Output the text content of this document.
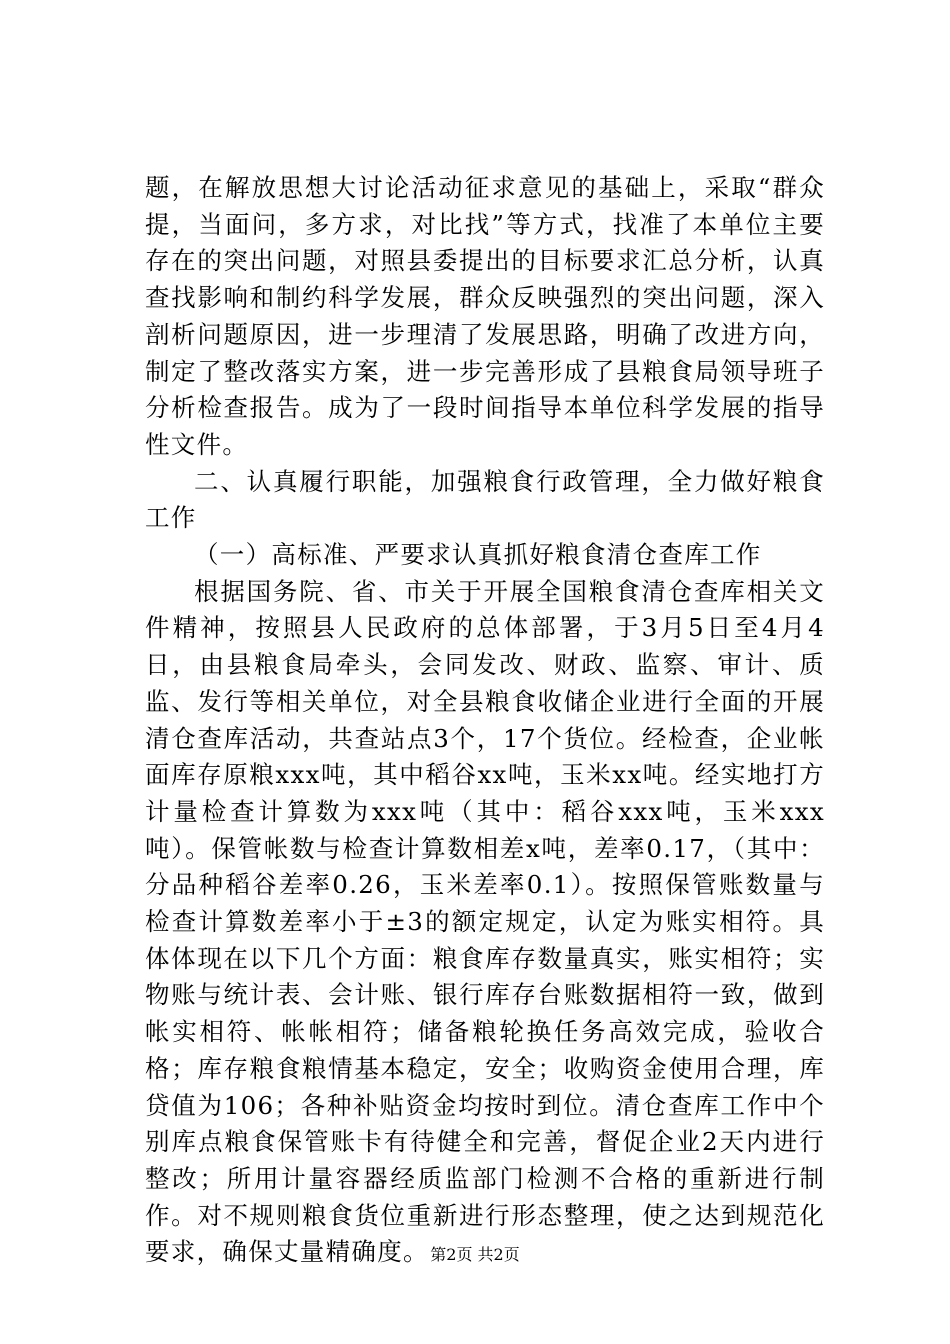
题，在解放思想大讨论活动征求意见的基础上，采取“群众提，当面问，多方求，对比找”等方式，找准了本单位主要存在的突出问题，对照县委提出的目标要求汇总分析，认真查找影响和制约科学发展，群众反映强烈的突出问题，深入剖析问题原因，进一步理清了发展思路，明确了改进方向，制定了整改落实方案，进一步完善形成了县粮食局领导班子分析检查报告。成为了一段时间指导本单位科学发展的指导性文件。

二、认真履行职能，加强粮食行政管理，全力做好粮食工作

（一）高标准、严要求认真抓好粮食清仓查库工作

根据国务院、省、市关于开展全国粮食清仓查库相关文件精神，按照县人民政府的总体部署，于3月5日至4月4日，由县粮食局牵头，会同发改、财政、监察、审计、质监、发行等相关单位，对全县粮食收储企业进行全面的开展清仓查库活动，共查站点3个，17个货位。经检查，企业帐面库存原粮xxx吨，其中稻谷xx吨，玉米xx吨。经实地打方计量检查计算数为xxx吨（其中：稻谷xxx吨，玉米xxx吨）。保管帐数与检查计算数相差x吨，差率0.17，（其中：分品种稻谷差率0.26，玉米差率0.1）。按照保管账数量与检查计算数差率小于±3的额定规定，认定为账实相符。具体体现在以下几个方面：粮食库存数量真实，账实相符；实物账与统计表、会计账、银行库存台账数据相符一致，做到帐实相符、帐帐相符；储备粮轮换任务高效完成，验收合格；库存粮食粮情基本稳定，安全；收购资金使用合理，库贷值为106；各种补贴资金均按时到位。清仓查库工作中个别库点粮食保管账卡有待健全和完善，督促企业2天内进行整改；所用计量容器经质监部门检测不合格的重新进行制作。对不规则粮食货位重新进行形态整理，使之达到规范化要求，确保丈量精确度。 第2页 共2页
